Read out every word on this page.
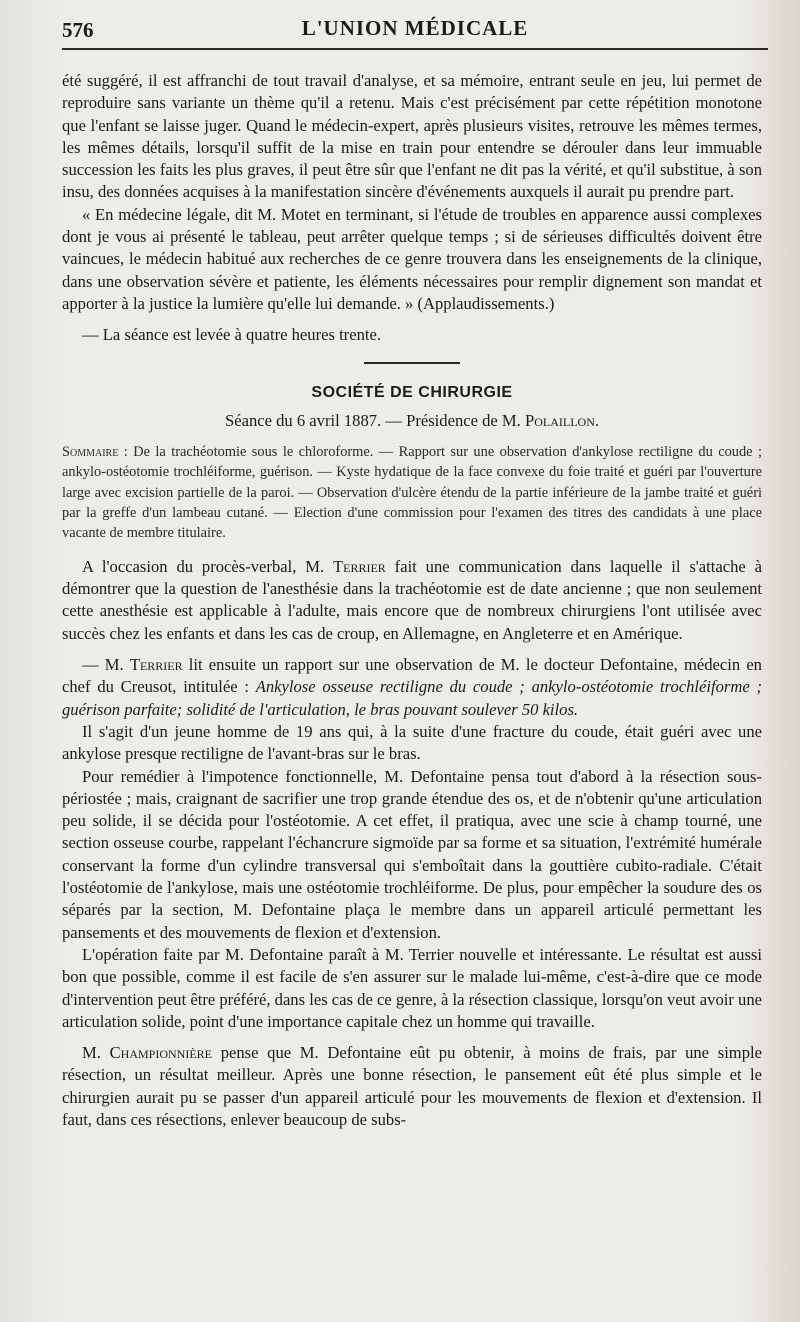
576	L'UNION MÉDICALE

été suggéré, il est affranchi de tout travail d'analyse, et sa mémoire, entrant seule en jeu, lui permet de reproduire sans variante un thème qu'il a retenu. Mais c'est précisément par cette répétition monotone que l'enfant se laisse juger. Quand le médecin-expert, après plusieurs visites, retrouve les mêmes termes, les mêmes détails, lorsqu'il suffit de la mise en train pour entendre se dérouler dans leur immuable succession les faits les plus graves, il peut être sûr que l'enfant ne dit pas la vérité, et qu'il substitue, à son insu, des données acquises à la manifestation sincère d'événements auxquels il aurait pu prendre part.

« En médecine légale, dit M. Motet en terminant, si l'étude de troubles en apparence aussi complexes dont je vous ai présenté le tableau, peut arrêter quelque temps ; si de sérieuses difficultés doivent être vaincues, le médecin habitué aux recherches de ce genre trouvera dans les enseignements de la clinique, dans une observation sévère et patiente, les éléments nécessaires pour remplir dignement son mandat et apporter à la justice la lumière qu'elle lui demande. » (Applaudissements.)

— La séance est levée à quatre heures trente.

SOCIÉTÉ DE CHIRURGIE
Séance du 6 avril 1887. — Présidence de M. Polaillon.

Sommaire : De la trachéotomie sous le chloroforme. — Rapport sur une observation d'ankylose rectiligne du coude ; ankylo-ostéotomie trochléiforme, guérison. — Kyste hydatique de la face convexe du foie traité et guéri par l'ouverture large avec excision partielle de la paroi. — Observation d'ulcère étendu de la partie inférieure de la jambe traité et guéri par la greffe d'un lambeau cutané. — Election d'une commission pour l'examen des titres des candidats à une place vacante de membre titulaire.

A l'occasion du procès-verbal, M. Terrier fait une communication dans laquelle il s'attache à démontrer que la question de l'anesthésie dans la trachéotomie est de date ancienne ; que non seulement cette anesthésie est applicable à l'adulte, mais encore que de nombreux chirurgiens l'ont utilisée avec succès chez les enfants et dans les cas de croup, en Allemagne, en Angleterre et en Amérique.

— M. Terrier lit ensuite un rapport sur une observation de M. le docteur Defontaine, médecin en chef du Creusot, intitulée : Ankylose osseuse rectiligne du coude ; ankylo-ostéotomie trochléiforme ; guérison parfaite; solidité de l'articulation, le bras pouvant soulever 50 kilos.

Il s'agit d'un jeune homme de 19 ans qui, à la suite d'une fracture du coude, était guéri avec une ankylose presque rectiligne de l'avant-bras sur le bras.

Pour remédier à l'impotence fonctionnelle, M. Defontaine pensa tout d'abord à la résection sous-périostée ; mais, craignant de sacrifier une trop grande étendue des os, et de n'obtenir qu'une articulation peu solide, il se décida pour l'ostéotomie. A cet effet, il pratiqua, avec une scie à champ tourné, une section osseuse courbe, rappelant l'échancrure sigmoïde par sa forme et sa situation, l'extrémité humérale conservant la forme d'un cylindre transversal qui s'emboîtait dans la gouttière cubito-radiale. C'était l'ostéotomie de l'ankylose, mais une ostéotomie trochléiforme. De plus, pour empêcher la soudure des os séparés par la section, M. Defontaine plaça le membre dans un appareil articulé permettant les pansements et des mouvements de flexion et d'extension.

L'opération faite par M. Defontaine paraît à M. Terrier nouvelle et intéressante. Le résultat est aussi bon que possible, comme il est facile de s'en assurer sur le malade lui-même, c'est-à-dire que ce mode d'intervention peut être préféré, dans les cas de ce genre, à la résection classique, lorsqu'on veut avoir une articulation solide, point d'une importance capitale chez un homme qui travaille.

M. Championnière pense que M. Defontaine eût pu obtenir, à moins de frais, par une simple résection, un résultat meilleur. Après une bonne résection, le pansement eût été plus simple et le chirurgien aurait pu se passer d'un appareil articulé pour les mouvements de flexion et d'extension. Il faut, dans ces résections, enlever beaucoup de subs-
